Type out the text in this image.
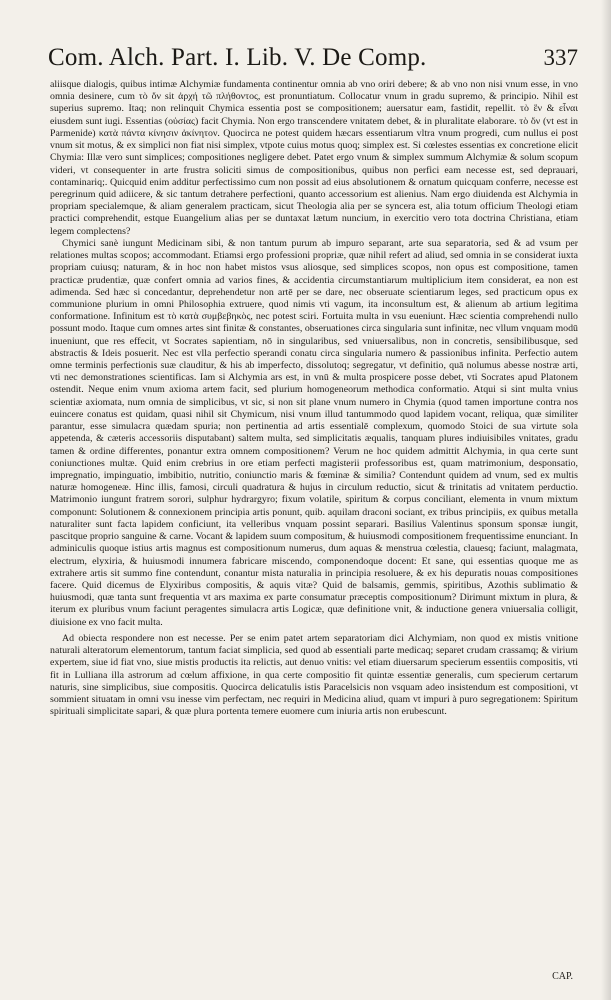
Com. Alch. Part. I. Lib. V. De Comp.	337

aliisque dialogis, quibus intimæ Alchymiæ fundamenta continentur omnia ab vno oriri debere; & ab vno non nisi vnum esse, in vno omnia desinere, cum τὸ ὄν sit ἀρχή τῶ πλήθοντος, est pronuntiatum. Collocatur vnum in gradu supremo, & principio. Nihil est superius supremo. Itaq; non relinquit Chymica essentia post se compositionem; auersatur eam, fastidit, repellit. τὸ ἓν & εἶναι eiusdem sunt iugi. Essentias (οὐσίας) facit Chymia. Non ergo transcendere vnitatem debet, & in pluralitate elaborare. τὸ ὄν (vt est in Parmenide) κατὰ πάντα κίνησιν ἀκίνητον. Quocirca ne potest quidem hæcars essentiarum vltra vnum progredi, cum nullus ei post vnum sit motus, & ex simplici non fiat nisi simplex, vtpote cuius motus quoq; simplex est. Si cœlestes essentias ex concretione elicit Chymia: Illæ vero sunt simplices; compositiones negligere debet. Patet ergo vnum & simplex summum Alchymiæ & solum scopum videri, vt consequenter in arte frustra soliciti simus de compositionibus, quibus non perfici eam necesse est, sed deprauari, contaminariq;. Quicquid enim additur perfectissimo cum non possit ad eius absolutionem & ornatum quicquam conferre, necesse est peregrinum quid adiicere, & sic tantum detrahere perfectioni, quanto accessorium est alienius. Nam ergo diuidenda est Alchymia in propriam specialemque, & aliam generalem practicam, sicut Theologia alia per se syncera est, alia totum officium Theologi etiam practici comprehendit, estque Euangelium alias per se duntaxat lætum nuncium, in exercitio vero tota doctrina Christiana, etiam legem complectens?

Chymici sanè iungunt Medicinam sibi, & non tantum purum ab impuro separant, arte sua separatoria, sed & ad vsum per relationes multas scopos; accommodant. Etiamsi ergo professioni propriæ, quæ nihil refert ad aliud, sed omnia in se considerat iuxta propriam cuiusq; naturam, & in hoc non habet mistos vsus aliosque, sed simplices scopos, non opus est compositione, tamen practicæ prudentiæ, quæ confert omnia ad varios fines, & accidentia circumstantiarum multiplicium item considerat, ea non est adimenda. Sed hæc si concedantur, deprehendetur non artē per se dare, nec obseruate scientiarum leges, sed practicum opus ex communione plurium in omni Philosophia extruere, quod nimis vti vagum, ita inconsultum est, & alienum ab artium legitima conformatione. Infinitum est τὸ κατὰ συμβεβηκὸς, nec potest sciri. Fortuita multa in vsu eueniunt. Hæc scientia comprehendi nullo possunt modo. Itaque cum omnes artes sint finitæ & constantes, obseruationes circa singularia sunt infinitæ, nec vllum vnquam modū inueniunt, que res effecit, vt Socrates sapientiam, nō in singularibus, sed vniuersalibus, non in concretis, sensibilibusque, sed abstractis & Ideis posuerit. Nec est vlla perfectio sperandi conatu circa singularia numero & passionibus infinita. Perfectio autem omne terminis perfectionis suæ clauditur, & his ab imperfecto, dissolutoq; segregatur, vt definitio, quā nolumus abesse nostræ arti, vti nec demonstrationes scientificas. Iam si Alchymia ars est, in vnū & multa prospicere posse debet, vti Socrates apud Platonem ostendit. Neque enim vnum axioma artem facit, sed plurium homogeneorum methodica conformatio. Atqui si sint multa vnius scientiæ axiomata, num omnia de simplicibus, vt sic, si non sit plane vnum numero in Chymia (quod tamen importune contra nos euincere conatus est quidam, quasi nihil sit Chymicum, nisi vnum illud tantummodo quod lapidem vocant, reliqua, quæ similiter parantur, esse simulacra quædam spuria; non pertinentia ad artis essentialē complexum, quomodo Stoici de sua virtute sola appetenda, & cæteris accessoriis disputabant) saltem multa, sed simplicitatis æqualis, tanquam plures indiuisibiles vnitates, gradu tamen & ordine differentes, ponantur extra omnem compositionem? Verum ne hoc quidem admittit Alchymia, in qua certe sunt coniunctiones multæ. Quid enim crebrius in ore etiam perfecti magisterii professoribus est, quam matrimonium, desponsatio, impregnatio, impinguatio, imbibitio, nutritio, coniunctio maris & fœminæ & similia? Contendunt quidem ad vnum, sed ex multis naturæ homogeneæ. Hinc illis, famosi, circuli quadratura & hujus in circulum reductio, sicut & trinitatis ad vnitatem perductio. Matrimonio iungunt fratrem sorori, sulphur hydrargyro; fixum volatile, spiritum & corpus conciliant, elementa in vnum mixtum componunt: Solutionem & connexionem principia artis ponunt, quib. aquilam draconi sociant, ex tribus principiis, ex quibus metalla naturaliter sunt facta lapidem conficiunt, ita velleribus vnquam possint separari. Basilius Valentinus sponsum sponsæ iungit, pascitque proprio sanguine & carne. Vocant & lapidem suum compositum, & huiusmodi compositionem frequentissime enunciant. In adminiculis quoque istius artis magnus est compositionum numerus, dum aquas & menstrua cœlestia, clauesq; faciunt, malagmata, electrum, elyxiria, & huiusmodi innumera fabricare miscendo, componendoque docent: Et sane, qui essentias quoque me as extrahere artis sit summo fine contendunt, conantur mista naturalia in principia resoluere, & ex his depuratis nouas compositiones facere. Quid dicemus de Elyxiribus compositis, & aquis vitæ? Quid de balsamis, gemmis, spiritibus, Azothis sublimatio & huiusmodi, quæ tanta sunt frequentia vt ars maxima ex parte consumatur præceptis compositionum? Dirimunt mixtum in plura, & iterum ex pluribus vnum faciunt peragentes simulacra artis Logicæ, quæ definitione vnit, & inductione genera vniuersalia colligit, diuisione ex vno facit multa.

Ad obiecta respondere non est necesse. Per se enim patet artem separatoriam dici Alchymiam, non quod ex mistis vnitione naturali alteratorum elementorum, tantum faciat simplicia, sed quod ab essentiali parte medicaq; separet crudam crassamq; & virium expertem, siue id fiat vno, siue mistis productis ita relictis, aut denuo vnitis: vel etiam diuersarum specierum essentiis compositis, vti fit in Lulliana illa astrorum ad cœlum affixione, in qua certe compositio fit quintæ essentiæ generalis, cum specierum certarum naturis, sine simplicibus, siue compositis. Quocirca delicatulis istis Paracelsicis non vsquam adeo insistendum est compositioni, vt sommient situatam in omni vsu inesse vim perfectam, nec requiri in Medicina aliud, quam vt impuri à puro segregationem: Spiritum spirituali simplicitate sapari, & quæ plura portenta temere euomere cum iniuria artis non erubescunt.

CAP.
